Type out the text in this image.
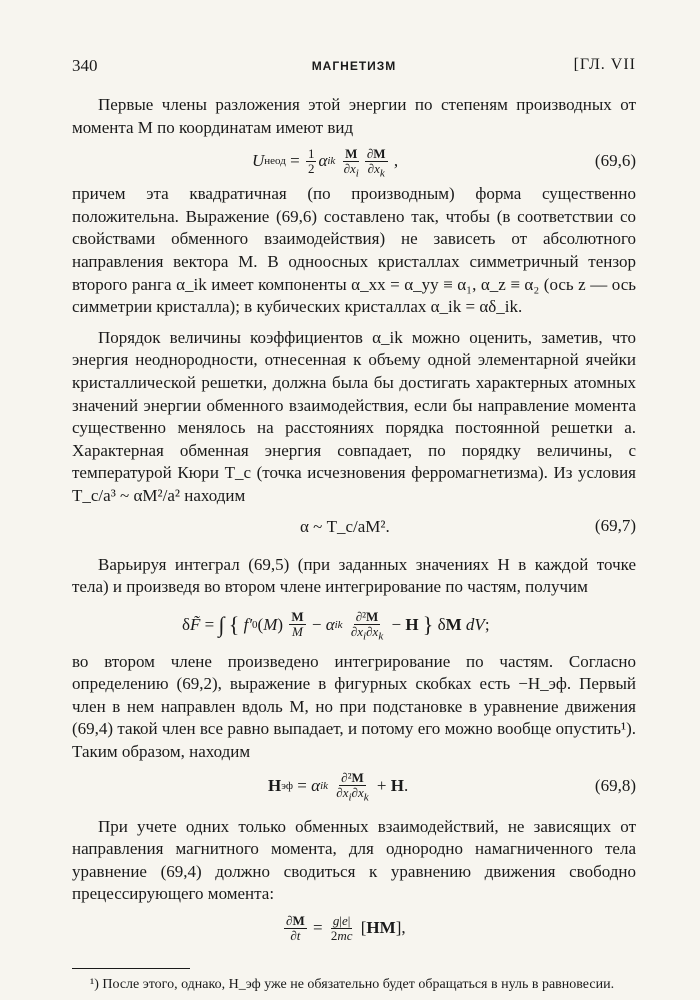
340	МАГНЕТИЗМ	[ГЛ. VII

Первые члены разложения этой энергии по степеням производных от момента M по координатам имеют вид

U неод = $\frac{1}{2}$ α ik
$\frac{M}{\partial x_i} \frac{\partial M}{\partial x_k}$ ,	(69,6)

причем эта квадратичная (по производным) форма существенно положительна. Выражение (69,6) составлено так, чтобы (в соответствии со свойствами обменного взаимодействия) не зависеть от абсолютного направления вектора M. В одноосных кристаллах симметричный тензор второго ранга α_ik имеет компоненты α_xx = α_yy ≡ α₁, α_z ≡ α₂ (ось z — ось симметрии кристалла); в кубических кристаллах α_ik = αδ_ik.

Порядок величины коэффициентов α_ik можно оценить, заметив, что энергия неоднородности, отнесенная к объему одной элементарной ячейки кристаллической решетки, должна была бы достигать характерных атомных значений энергии обменного взаимодействия, если бы направление момента существенно менялось на расстояниях порядка постоянной решетки a. Характерная обменная энергия совпадает, по порядку величины, с температурой Кюри T_c (точка исчезновения ферромагнетизма). Из условия T_c/a³ ~ αM²/a² находим

α ~ T_c/aM².	(69,7)

Варьируя интеграл (69,5) (при заданных значениях H в каждой точке тела) и произведя во втором члене интегрирование по частям, получим

δ F̃ = ∫
{
f′ 0 ( M ) $\frac{M}{M} - \alpha$ ik
$\frac{\text{∂²M}}{\partial x_i\partial x_k} - H$
} δ M
dV ;

во втором члене произведено интегрирование по частям. Согласно определению (69,2), выражение в фигурных скобках есть −H_эф. Первый член в нем направлен вдоль M, но при подстановке в уравнение движения (69,4) такой член все равно выпадает, и потому его можно вообще опустить¹). Таким образом, находим

H эф = α ik
$\frac{\text{∂²M}}{\partial x_i\partial x_k} + H$ .	(69,8)

При учете одних только обменных взаимодействий, не зависящих от направления магнитного момента, для однородно намагниченного тела уравнение (69,4) должно сводиться к уравнению движения свободно прецессирующего момента:

$\frac{\partial M}{\partial t} = \frac{g|e|}{2mc}$ [ HM ],

¹) После этого, однако, H_эф уже не обязательно будет обращаться в нуль в равновесии.
